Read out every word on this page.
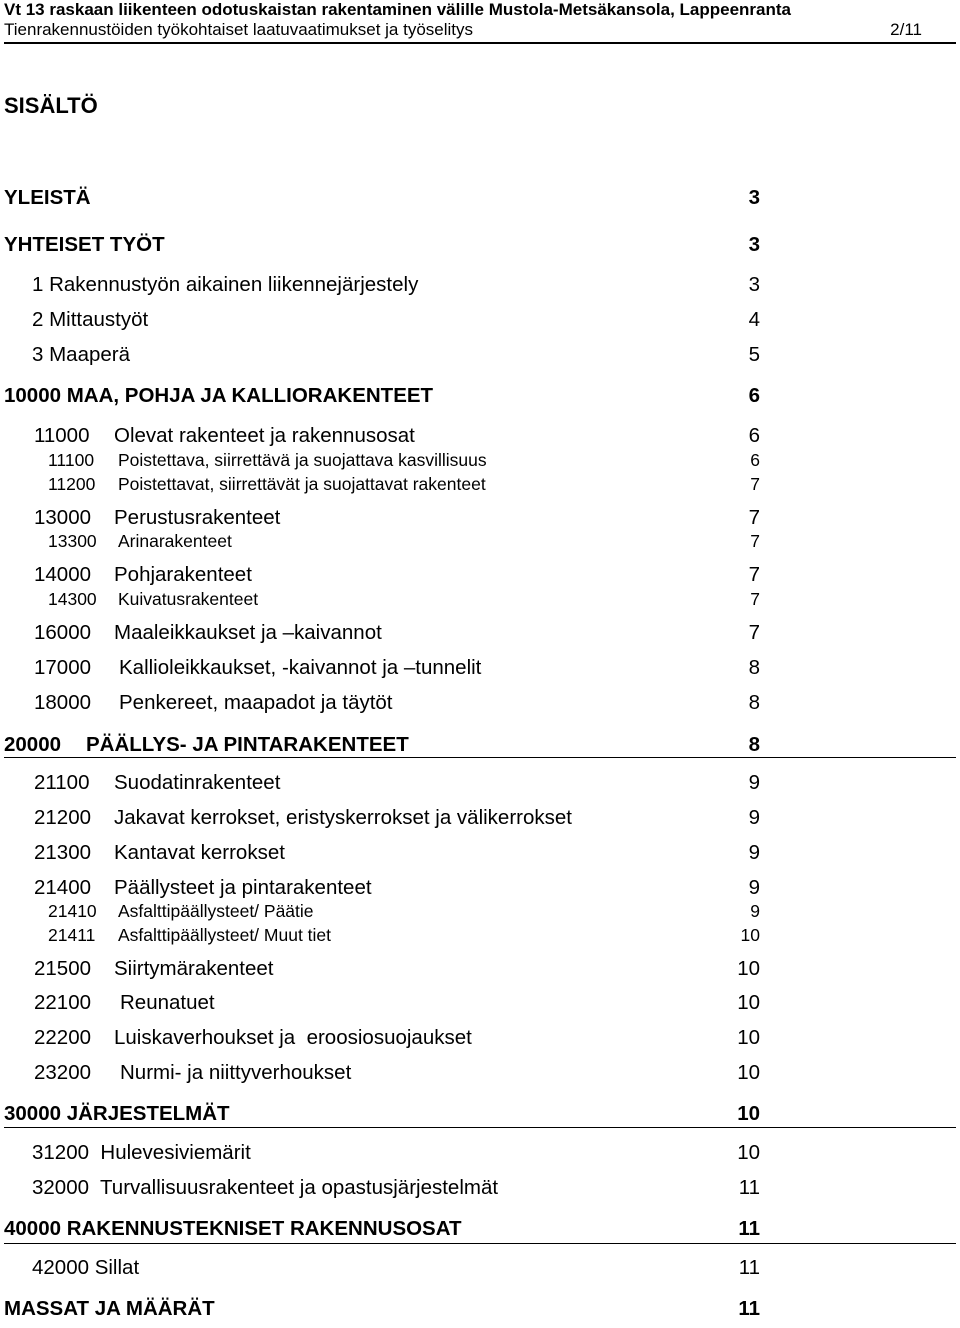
Vt 13 raskaan liikenteen odotuskaistan rakentaminen välille Mustola-Metsäkansola, Lappeenranta
Tienrakennustöiden työkohtaiset laatuvaatimukset ja työselitys	2/11
SISÄLTÖ
YLEISTÄ	3
YHTEISET TYÖT	3
1 Rakennustyön aikainen liikennejärjestely	3
2 Mittaustyöt	4
3 Maaperä	5
10000 MAA, POHJA JA KALLIORAKENTEET	6
11000 Olevat rakenteet ja rakennusosat	6
11100 Poistettava, siirrettävä ja suojattava kasvillisuus	6
11200 Poistettavat, siirrettävät ja suojattavat rakenteet	7
13000 Perustusrakenteet	7
13300 Arinarakenteet	7
14000 Pohjarakenteet	7
14300 Kuivatusrakenteet	7
16000 Maaleikkaukset ja –kaivannot	7
17000 Kallioleikkaukset, -kaivannot ja –tunnelit	8
18000 Penkereet, maapadot ja täytöt	8
20000 PÄÄLLYS- JA PINTARAKENTEET	8
21100 Suodatinrakenteet	9
21200 Jakavat kerrokset, eristyskerrokset ja välikerrokset	9
21300 Kantavat kerrokset	9
21400 Päällysteet ja pintarakenteet	9
21410 Asfalttipäällysteet/ Päätie	9
21411 Asfalttipäällysteet/ Muut tiet	10
21500 Siirtymärakenteet	10
22100 Reunatuet	10
22200 Luiskaverhoukset ja  eroosiosuojaukset	10
23200 Nurmi- ja niittyverhoukset	10
30000 JÄRJESTELMÄT	10
31200  Hulevesiviemärit	10
32000  Turvallisuusrakenteet ja opastusjärjestelmät	11
40000 RAKENNUSTEKNISET RAKENNUSOSAT	11
42000 Sillat	11
MASSAT JA MÄÄRÄT	11
